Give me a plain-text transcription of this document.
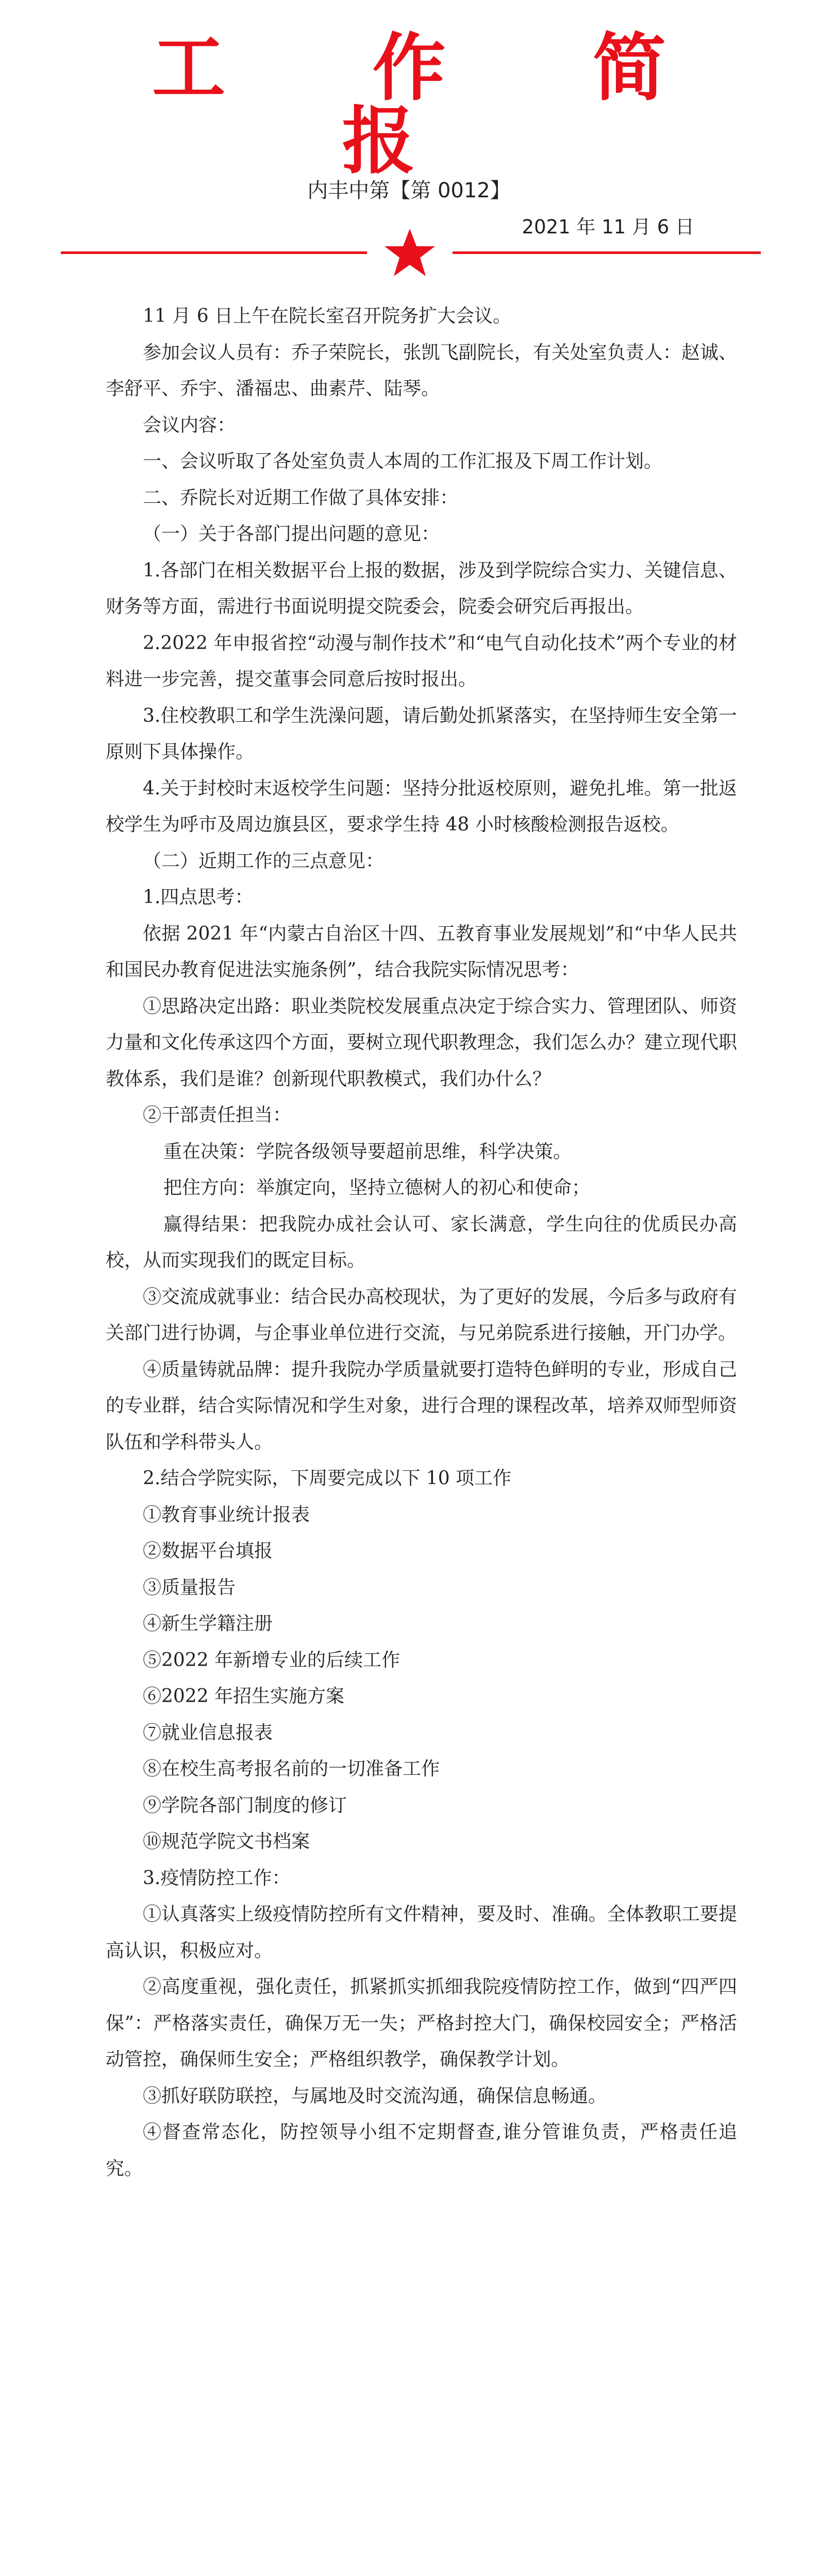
工 作 简 报
内丰中第【第 0012】
2021 年 11 月 6 日

11 月 6 日上午在院长室召开院务扩大会议。

参加会议人员有：乔子荣院长，张凯飞副院长，有关处室负责人：赵诚、李舒平、乔宇、潘福忠、曲素芹、陆琴。

会议内容：

一、会议听取了各处室负责人本周的工作汇报及下周工作计划。

二、乔院长对近期工作做了具体安排：

（一）关于各部门提出问题的意见：

1.各部门在相关数据平台上报的数据，涉及到学院综合实力、关键信息、财务等方面，需进行书面说明提交院委会，院委会研究后再报出。

2.2022 年申报省控“动漫与制作技术”和“电气自动化技术”两个专业的材料进一步完善，提交董事会同意后按时报出。

3.住校教职工和学生洗澡问题，请后勤处抓紧落实，在坚持师生安全第一原则下具体操作。

4.关于封校时末返校学生问题：坚持分批返校原则，避免扎堆。第一批返校学生为呼市及周边旗县区，要求学生持 48 小时核酸检测报告返校。

（二）近期工作的三点意见：

1.四点思考：

依据 2021 年“内蒙古自治区十四、五教育事业发展规划”和“中华人民共和国民办教育促进法实施条例”，结合我院实际情况思考：

①思路决定出路：职业类院校发展重点决定于综合实力、管理团队、师资力量和文化传承这四个方面，要树立现代职教理念，我们怎么办？建立现代职教体系，我们是谁？创新现代职教模式，我们办什么？

②干部责任担当：

重在决策：学院各级领导要超前思维，科学决策。

把住方向：举旗定向，坚持立德树人的初心和使命；

赢得结果：把我院办成社会认可、家长满意，学生向往的优质民办高校，从而实现我们的既定目标。

③交流成就事业：结合民办高校现状，为了更好的发展，今后多与政府有关部门进行协调，与企事业单位进行交流，与兄弟院系进行接触，开门办学。

④质量铸就品牌：提升我院办学质量就要打造特色鲜明的专业，形成自己的专业群，结合实际情况和学生对象，进行合理的课程改革，培养双师型师资队伍和学科带头人。

2.结合学院实际，下周要完成以下 10 项工作

①教育事业统计报表

②数据平台填报

③质量报告

④新生学籍注册

⑤2022 年新增专业的后续工作

⑥2022 年招生实施方案

⑦就业信息报表

⑧在校生高考报名前的一切准备工作

⑨学院各部门制度的修订

⑩规范学院文书档案

3.疫情防控工作：

①认真落实上级疫情防控所有文件精神，要及时、准确。全体教职工要提高认识，积极应对。

②高度重视，强化责任，抓紧抓实抓细我院疫情防控工作，做到“四严四保”：严格落实责任，确保万无一失；严格封控大门，确保校园安全；严格活动管控，确保师生安全；严格组织教学，确保教学计划。

③抓好联防联控，与属地及时交流沟通，确保信息畅通。

④督查常态化，防控领导小组不定期督查,谁分管谁负责，严格责任追究。
